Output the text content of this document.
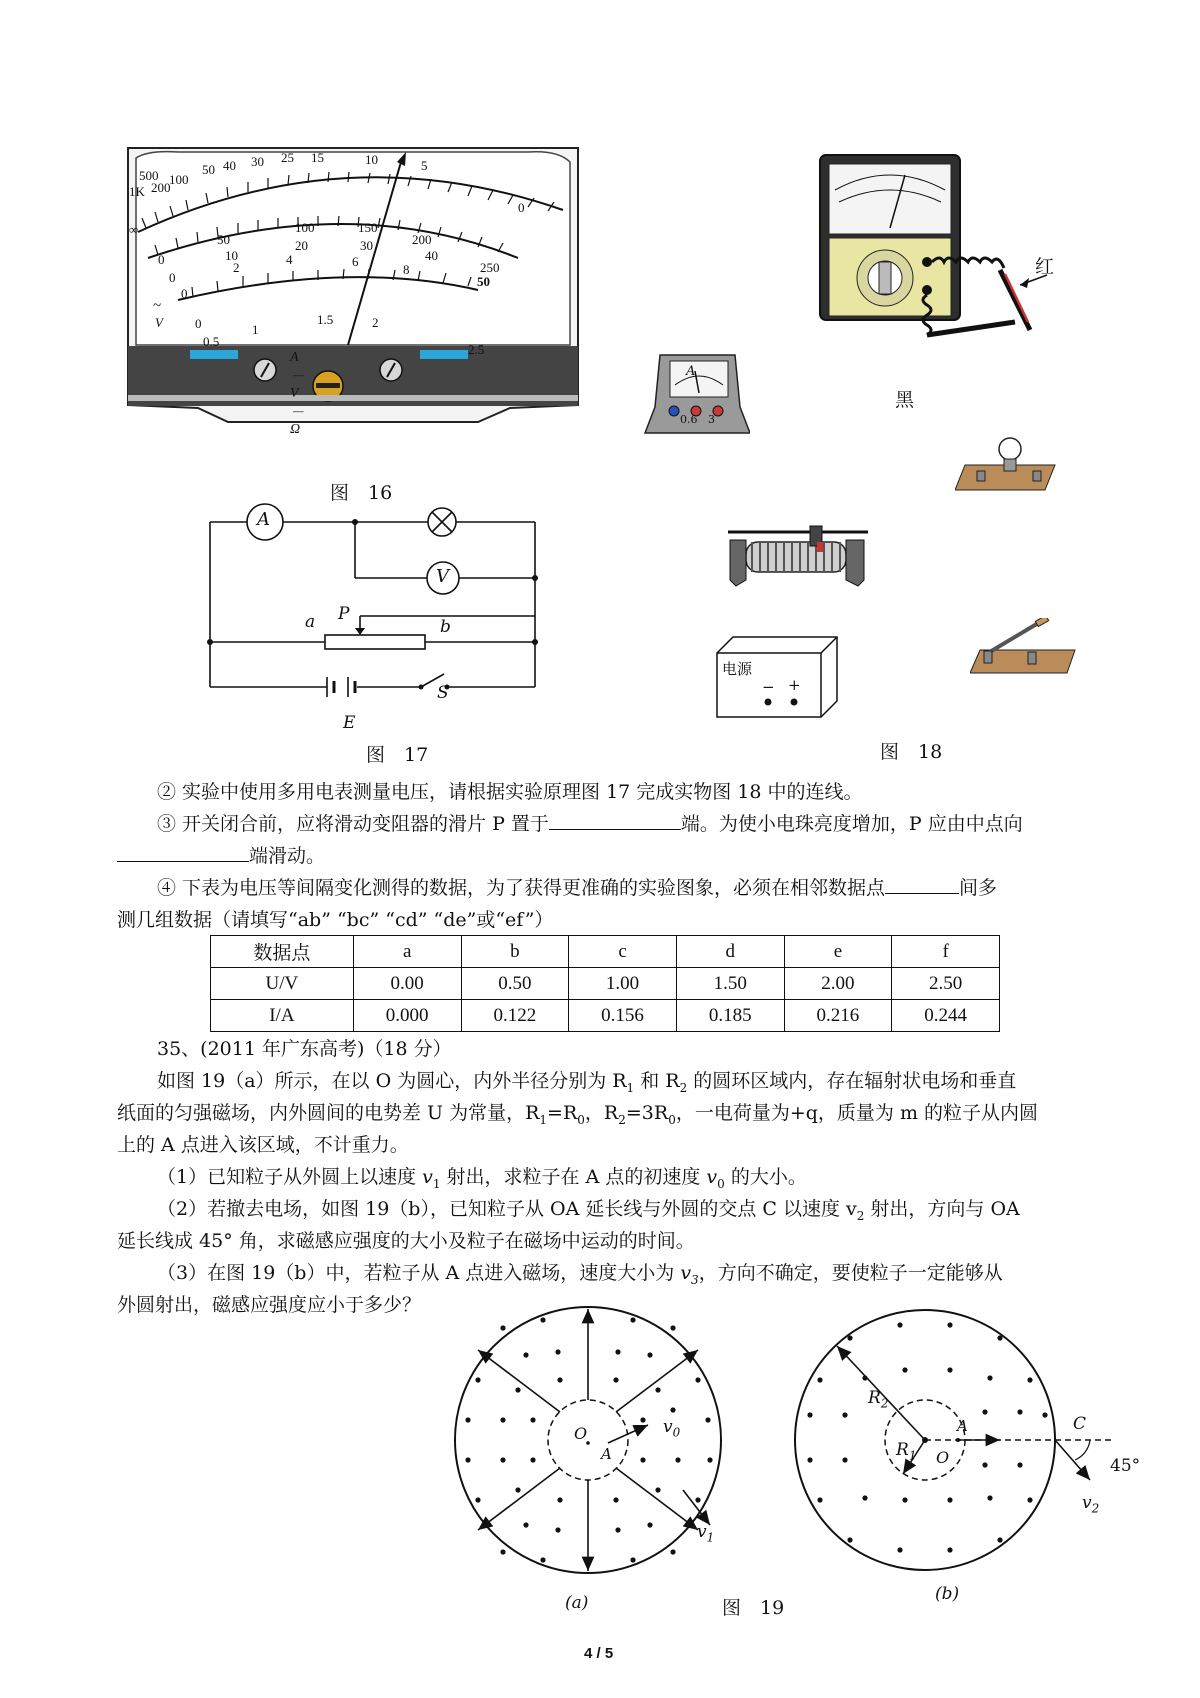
500
1K 200
100
50 40 30 25 15	10	5
0
∞	100	150
200
250
50
0	10
20	30
40
50
0
0
2
4	6
8
0
0.5
1
1.5	2
2.5
~
V
A－V－Ω
图　16
红
黑
A
0.6   3
电源
− +
图　18
A
V
a P
b
S
E
图　17
② 实验中使用多用电表测量电压，请根据实验原理图 17 完成实物图 18 中的连线。
③ 开关闭合前，应将滑动变阻器的滑片 P 置于	端。为使小电珠亮度增加，P 应由中点向
端滑动。
④ 下表为电压等间隔变化测得的数据，为了获得更准确的实验图象，必须在相邻数据点	间多
测几组数据（请填写“ab” “bc” “cd” “de”或“ef”）
数据点	a	b	c	d	e	f
U/V	0.00	0.50	1.00	1.50	2.00	2.50
I/A	0.000	0.122	0.156	0.185	0.216	0.244
35、(2011 年广东高考)（18 分）
如图 19（a）所示，在以 O 为圆心，内外半径分别为 $R_1$ 和 $R_2$ 的圆环区域内，存在辐射状电场和垂直
纸面的匀强磁场，内外圆间的电势差 U 为常量，$R_1=R_0$，$R_2=3R_0$，一电荷量为+q，质量为 m 的粒子从内圆
上的 A 点进入该区域，不计重力。
（1）已知粒子从外圆上以速度 $v_1$ 射出，求粒子在 A 点的初速度 $v_0$ 的大小。
（2）若撤去电场，如图 19（b），已知粒子从 OA 延长线与外圆的交点 C 以速度 $v_2$ 射出，方向与 OA
延长线成 45° 角，求磁感应强度的大小及粒子在磁场中运动的时间。
（3）在图 19（b）中，若粒子从 A 点进入磁场，速度大小为 $v_3$，方向不确定，要使粒子一定能够从
外圆射出，磁感应强度应小于多少？
O
A
$v_0$
$v_1$
(a)	图　19
$R_2$
$R_1$ O
A	C
45°
$v_2$
(b)
4 / 5
